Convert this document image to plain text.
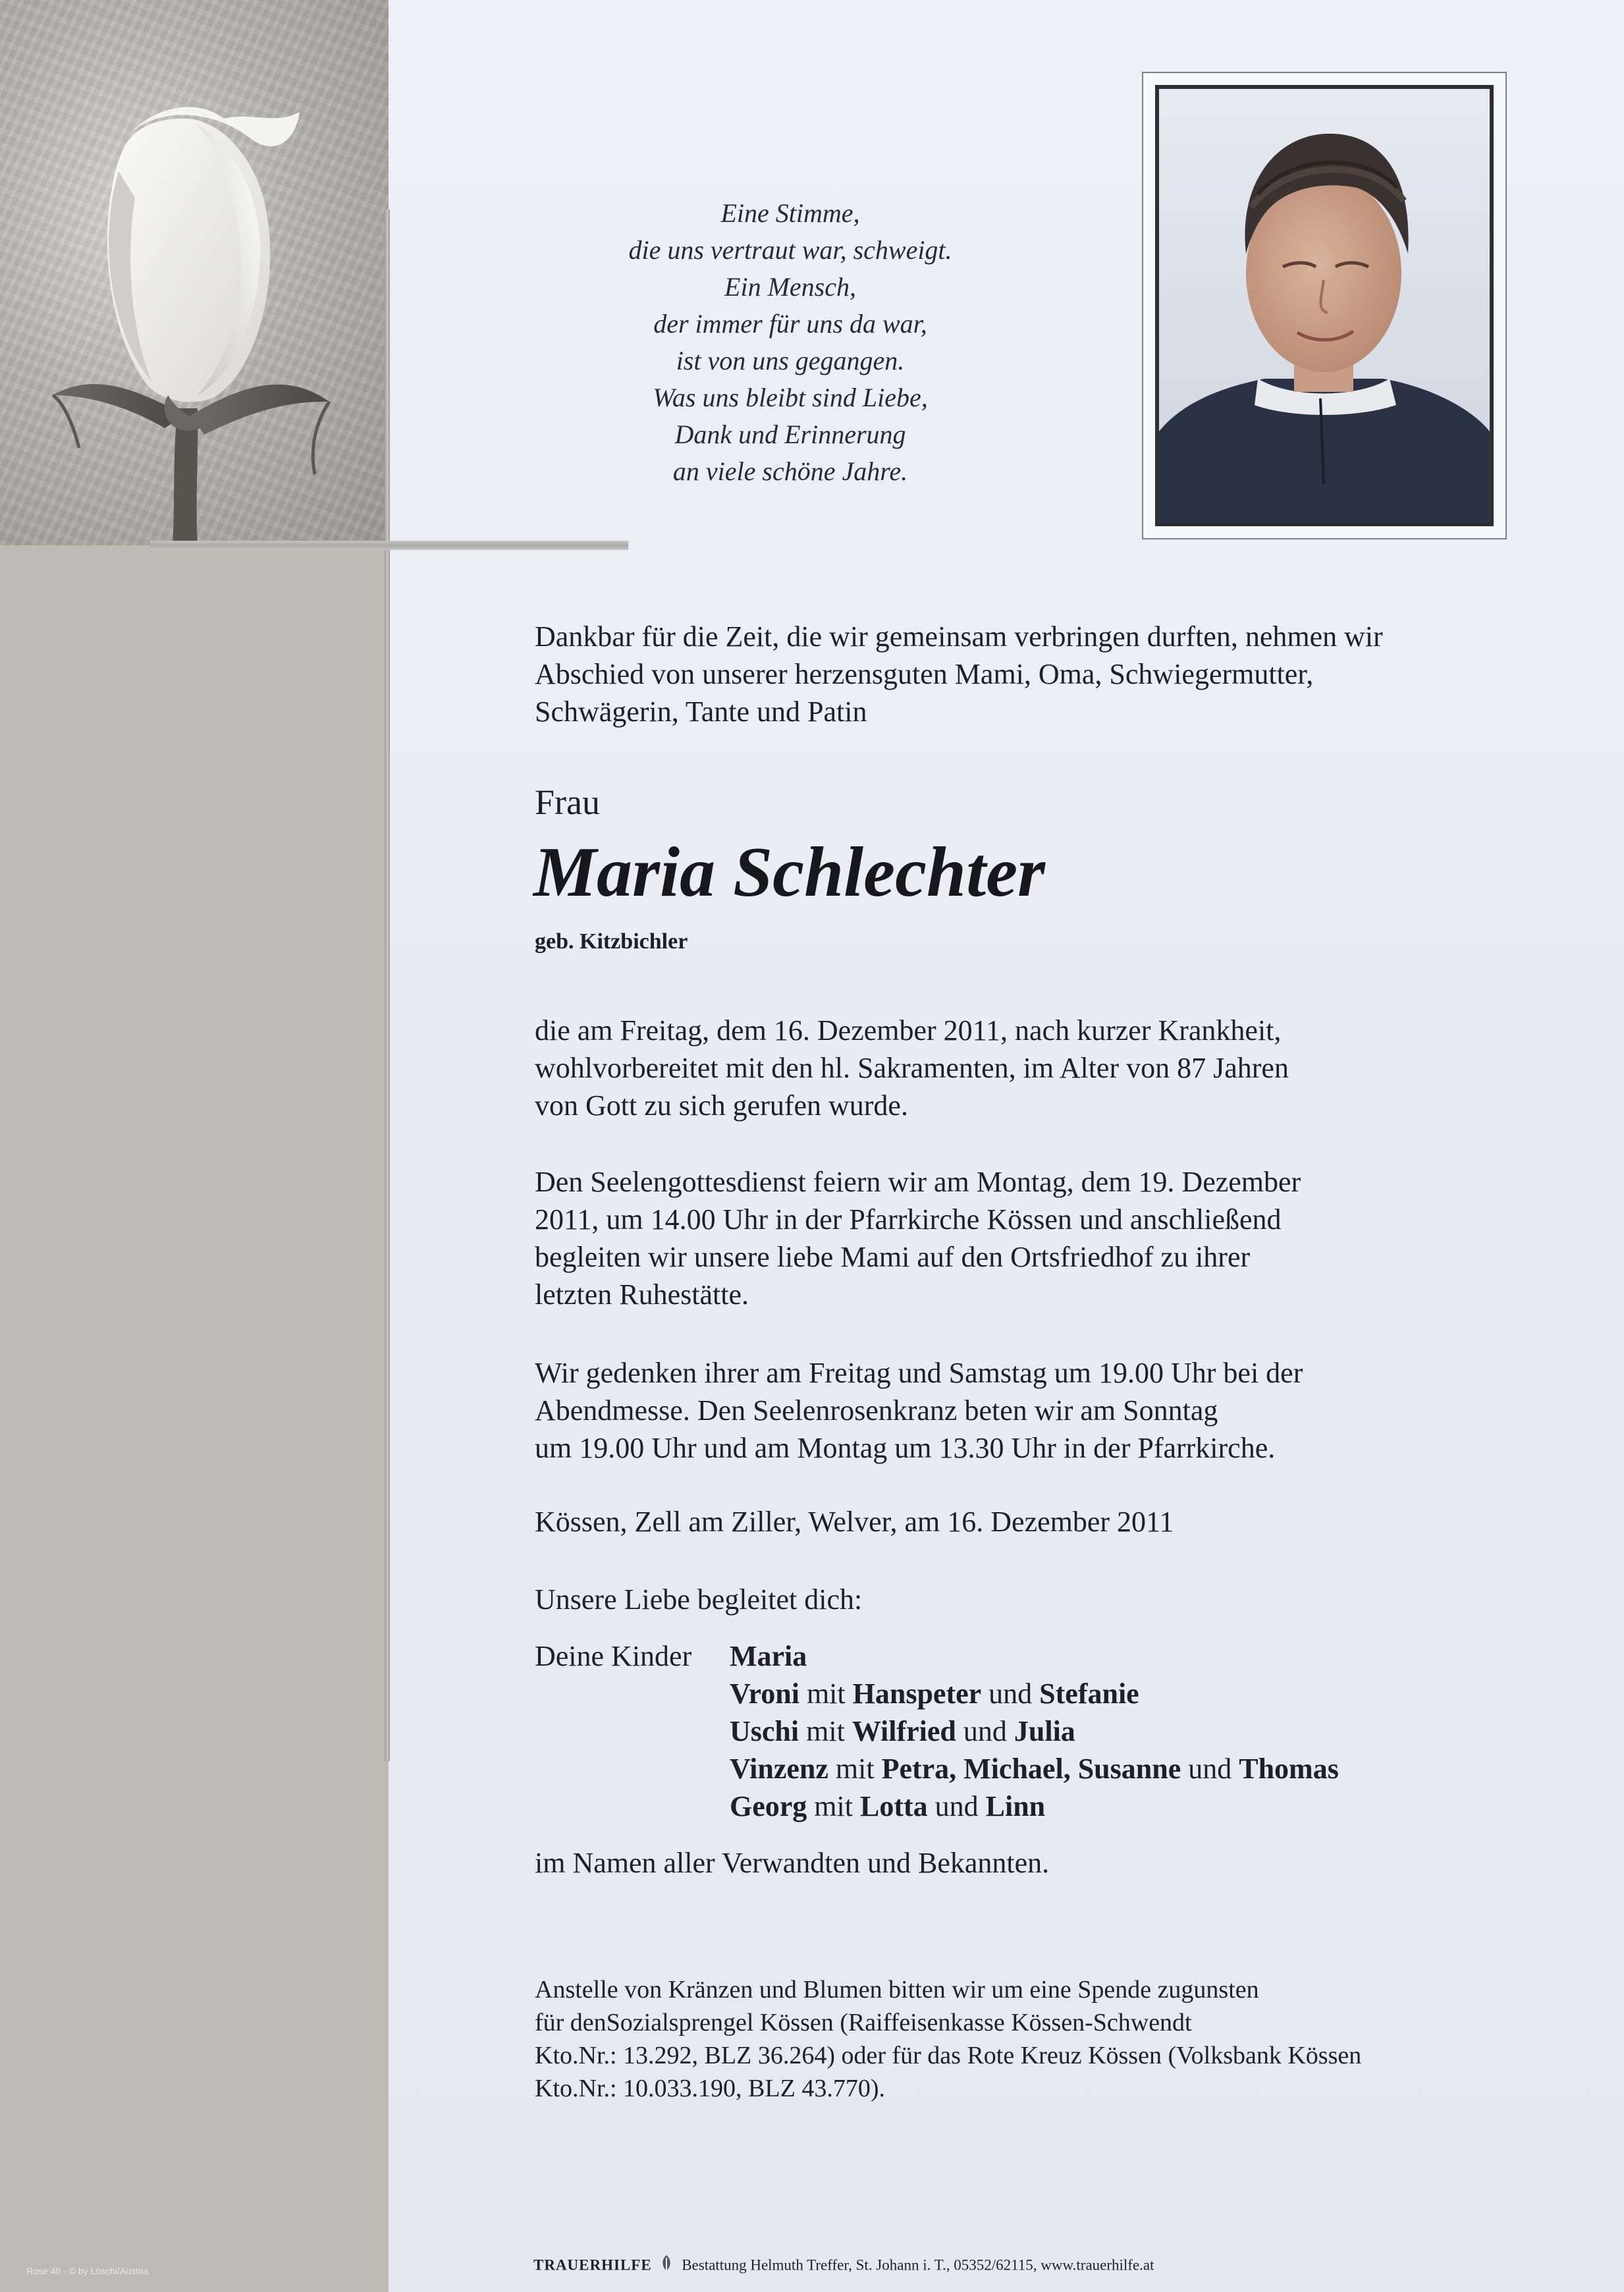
Rose 40 - © by Löschi/Austria
Eine Stimme,
die uns vertraut war, schweigt.
Ein Mensch,
der immer für uns da war,
ist von uns gegangen.
Was uns bleibt sind Liebe,
Dank und Erinnerung
an viele schöne Jahre.
Dankbar für die Zeit, die wir gemeinsam verbringen durften, nehmen wir
Abschied von unserer herzensguten Mami, Oma, Schwiegermutter,
Schwägerin, Tante und Patin
Frau
Maria Schlechter
geb. Kitzbichler
die am Freitag, dem 16. Dezember 2011, nach kurzer Krankheit,
wohlvorbereitet mit den hl. Sakramenten, im Alter von 87 Jahren
von Gott zu sich gerufen wurde.
Den Seelengottesdienst feiern wir am Montag, dem 19. Dezember
2011, um 14.00 Uhr in der Pfarrkirche Kössen und anschließend
begleiten wir unsere liebe Mami auf den Ortsfriedhof zu ihrer
letzten Ruhestätte.
Wir gedenken ihrer am Freitag und Samstag um 19.00 Uhr bei der
Abendmesse. Den Seelenrosenkranz beten wir am Sonntag
um 19.00 Uhr und am Montag um 13.30 Uhr in der Pfarrkirche.
Kössen, Zell am Ziller, Welver, am 16. Dezember 2011
Unsere Liebe begleitet dich:
Deine Kinder Maria
Vroni mit Hanspeter und Stefanie
Uschi mit Wilfried und Julia
Vinzenz mit Petra, Michael, Susanne und Thomas
Georg mit Lotta und Linn
im Namen aller Verwandten und Bekannten.
Anstelle von Kränzen und Blumen bitten wir um eine Spende zugunsten
für denSozialsprengel Kössen (Raiffeisenkasse Kössen-Schwendt
Kto.Nr.: 13.292, BLZ 36.264) oder für das Rote Kreuz Kössen (Volksbank Kössen
Kto.Nr.: 10.033.190, BLZ 43.770).
TRAUERHILFE Bestattung Helmuth Treffer, St. Johann i. T., 05352/62115, www.trauerhilfe.at
